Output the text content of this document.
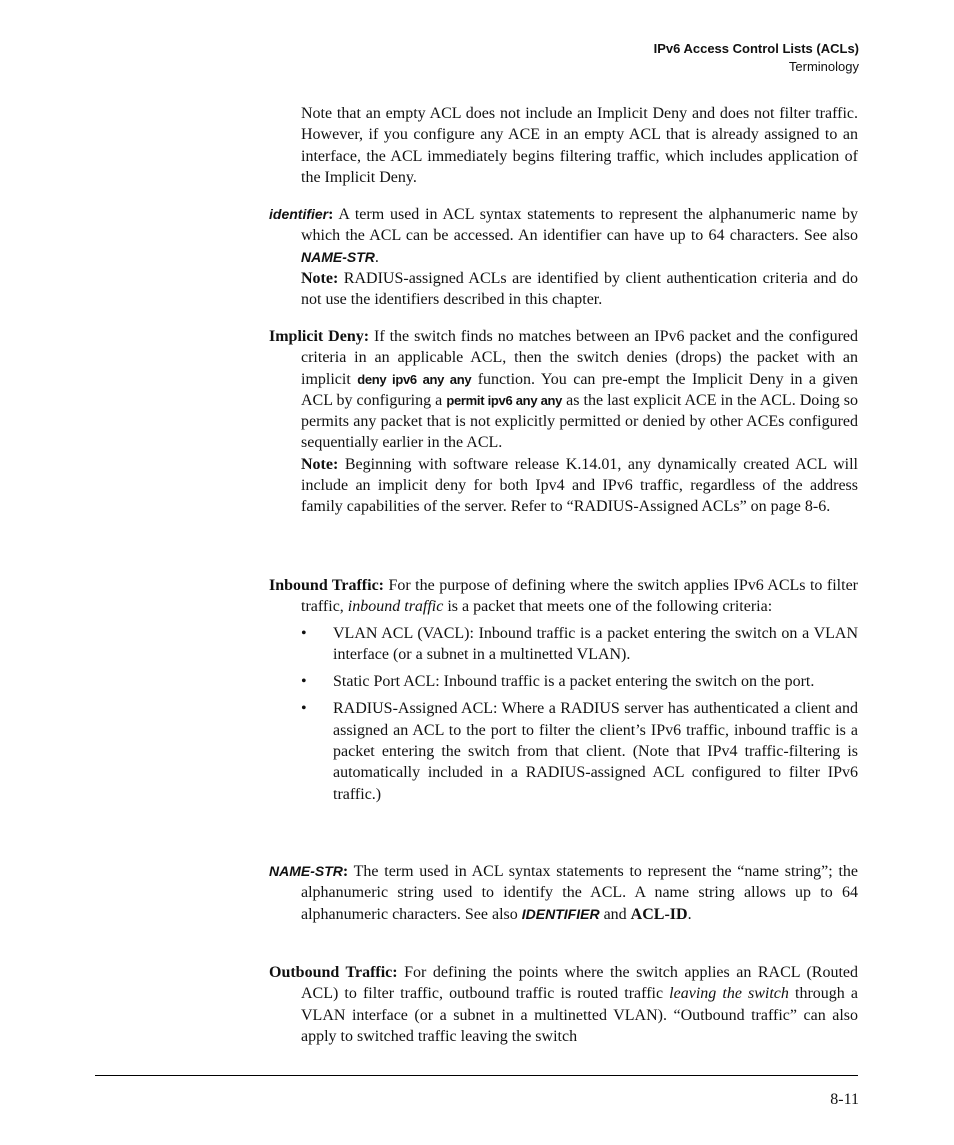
IPv6 Access Control Lists (ACLs)
Terminology

Note that an empty ACL does not include an Implicit Deny and does not filter traffic. However, if you configure any ACE in an empty ACL that is already assigned to an interface, the ACL immediately begins filtering traffic, which includes application of the Implicit Deny.

identifier: A term used in ACL syntax statements to represent the alphanumeric name by which the ACL can be accessed. An identifier can have up to 64 characters. See also NAME-STR.

Note: RADIUS-assigned ACLs are identified by client authentication criteria and do not use the identifiers described in this chapter.

Implicit Deny: If the switch finds no matches between an IPv6 packet and the configured criteria in an applicable ACL, then the switch denies (drops) the packet with an implicit deny ipv6 any any function. You can pre-empt the Implicit Deny in a given ACL by configuring a permit ipv6 any any as the last explicit ACE in the ACL. Doing so permits any packet that is not explicitly permitted or denied by other ACEs configured sequentially earlier in the ACL.

Note: Beginning with software release K.14.01, any dynamically created ACL will include an implicit deny for both Ipv4 and IPv6 traffic, regardless of the address family capabilities of the server. Refer to “RADIUS-Assigned ACLs” on page 8-6.

Inbound Traffic: For the purpose of defining where the switch applies IPv6 ACLs to filter traffic, inbound traffic is a packet that meets one of the following criteria:

• VLAN ACL (VACL): Inbound traffic is a packet entering the switch on a VLAN interface (or a subnet in a multinetted VLAN).
• Static Port ACL: Inbound traffic is a packet entering the switch on the port.
• RADIUS-Assigned ACL: Where a RADIUS server has authenticated a client and assigned an ACL to the port to filter the client’s IPv6 traffic, inbound traffic is a packet entering the switch from that client. (Note that IPv4 traffic-filtering is automatically included in a RADIUS-assigned ACL configured to filter IPv6 traffic.)

NAME-STR: The term used in ACL syntax statements to represent the “name string”; the alphanumeric string used to identify the ACL. A name string allows up to 64 alphanumeric characters. See also IDENTIFIER and ACL-ID.

Outbound Traffic: For defining the points where the switch applies an RACL (Routed ACL) to filter traffic, outbound traffic is routed traffic leaving the switch through a VLAN interface (or a subnet in a multinetted VLAN). “Outbound traffic” can also apply to switched traffic leaving the switch

8-11
